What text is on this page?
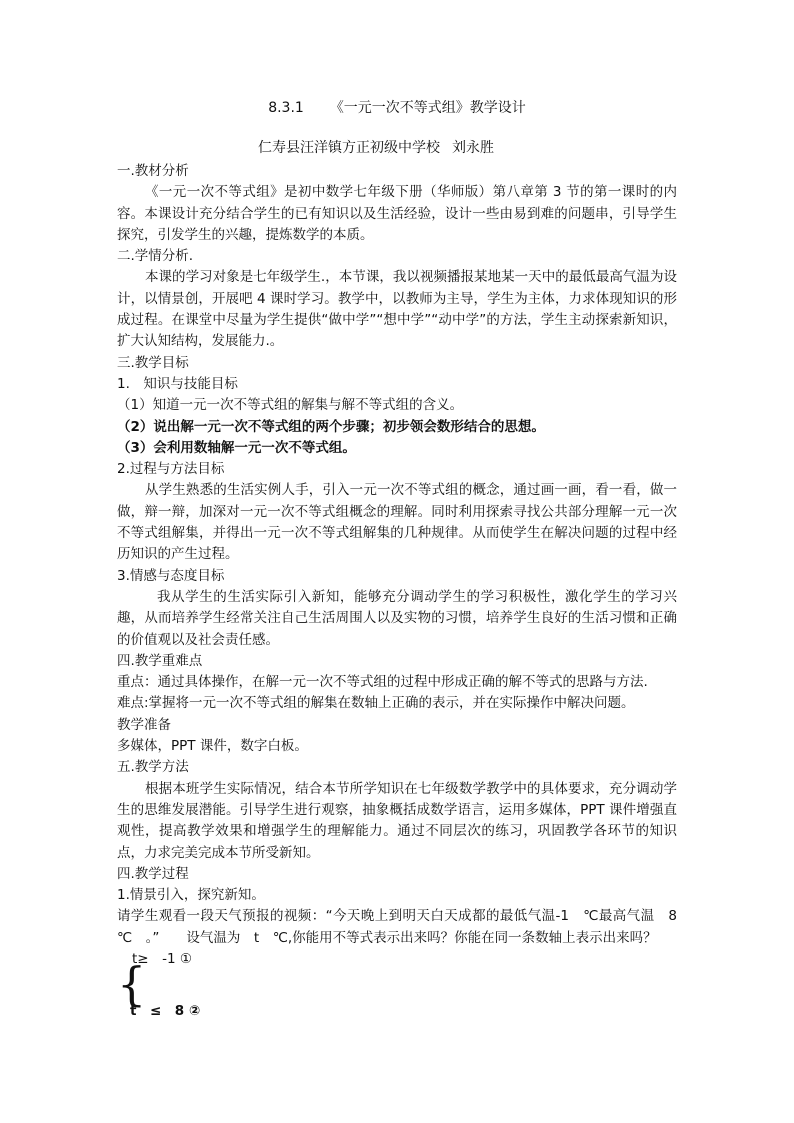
8.3.1 《一元一次不等式组》教学设计
仁寿县汪洋镇方正初级中学校 刘永胜

一.教材分析

《一元一次不等式组》是初中数学七年级下册（华师版）第八章第 3 节的第一课时的内容。本课设计充分结合学生的已有知识以及生活经验，设计一些由易到难的问题串，引导学生探究，引发学生的兴趣，提炼数学的本质。

二.学情分析.

本课的学习对象是七年级学生.，本节课，我以视频播报某地某一天中的最低最高气温为设计，以情景创，开展吧 4 课时学习。教学中，以教师为主导，学生为主体，力求体现知识的形成过程。在课堂中尽量为学生提供“做中学”“想中学”“动中学”的方法，学生主动探索新知识，扩大认知结构，发展能力.。

三.教学目标

1.　知识与技能目标

（1）知道一元一次不等式组的解集与解不等式组的含义。

（2）说出解一元一次不等式组的两个步骤；初步领会数形结合的思想。

（3）会利用数轴解一元一次不等式组。

2.过程与方法目标

从学生熟悉的生活实例人手，引入一元一次不等式组的概念，通过画一画，看一看，做一做，辩一辩，加深对一元一次不等式组概念的理解。同时利用探索寻找公共部分理解一元一次不等式组解集，并得出一元一次不等式组解集的几种规律。从而使学生在解决问题的过程中经历知识的产生过程。

3.情感与态度目标

我从学生的生活实际引入新知，能够充分调动学生的学习积极性，激化学生的学习兴趣，从而培养学生经常关注自己生活周围人以及实物的习惯，培养学生良好的生活习惯和正确的价值观以及社会责任感。

四.教学重难点

重点：通过具体操作，在解一元一次不等式组的过程中形成正确的解不等式的思路与方法.

难点:掌握将一元一次不等式组的解集在数轴上正确的表示，并在实际操作中解决问题。

教学准备

多媒体，PPT 课件，数字白板。

五.教学方法

根据本班学生实际情况，结合本节所学知识在七年级数学教学中的具体要求，充分调动学生的思维发展潜能。引导学生进行观察，抽象概括成数学语言，运用多媒体，PPT 课件增强直观性，提高教学效果和增强学生的理解能力。通过不同层次的练习，巩固教学各环节的知识点，力求完美完成本节所受新知。

四.教学过程

1.情景引入，探究新知。

请学生观看一段天气预报的视频：“今天晚上到明天白天成都的最低气温-1　℃最高气温　8　℃　。”　　设气温为　t　℃,你能用不等式表示出来吗？你能在同一条数轴上表示出来吗？

t≥　-1 ①
{
t　≤　8 ②
